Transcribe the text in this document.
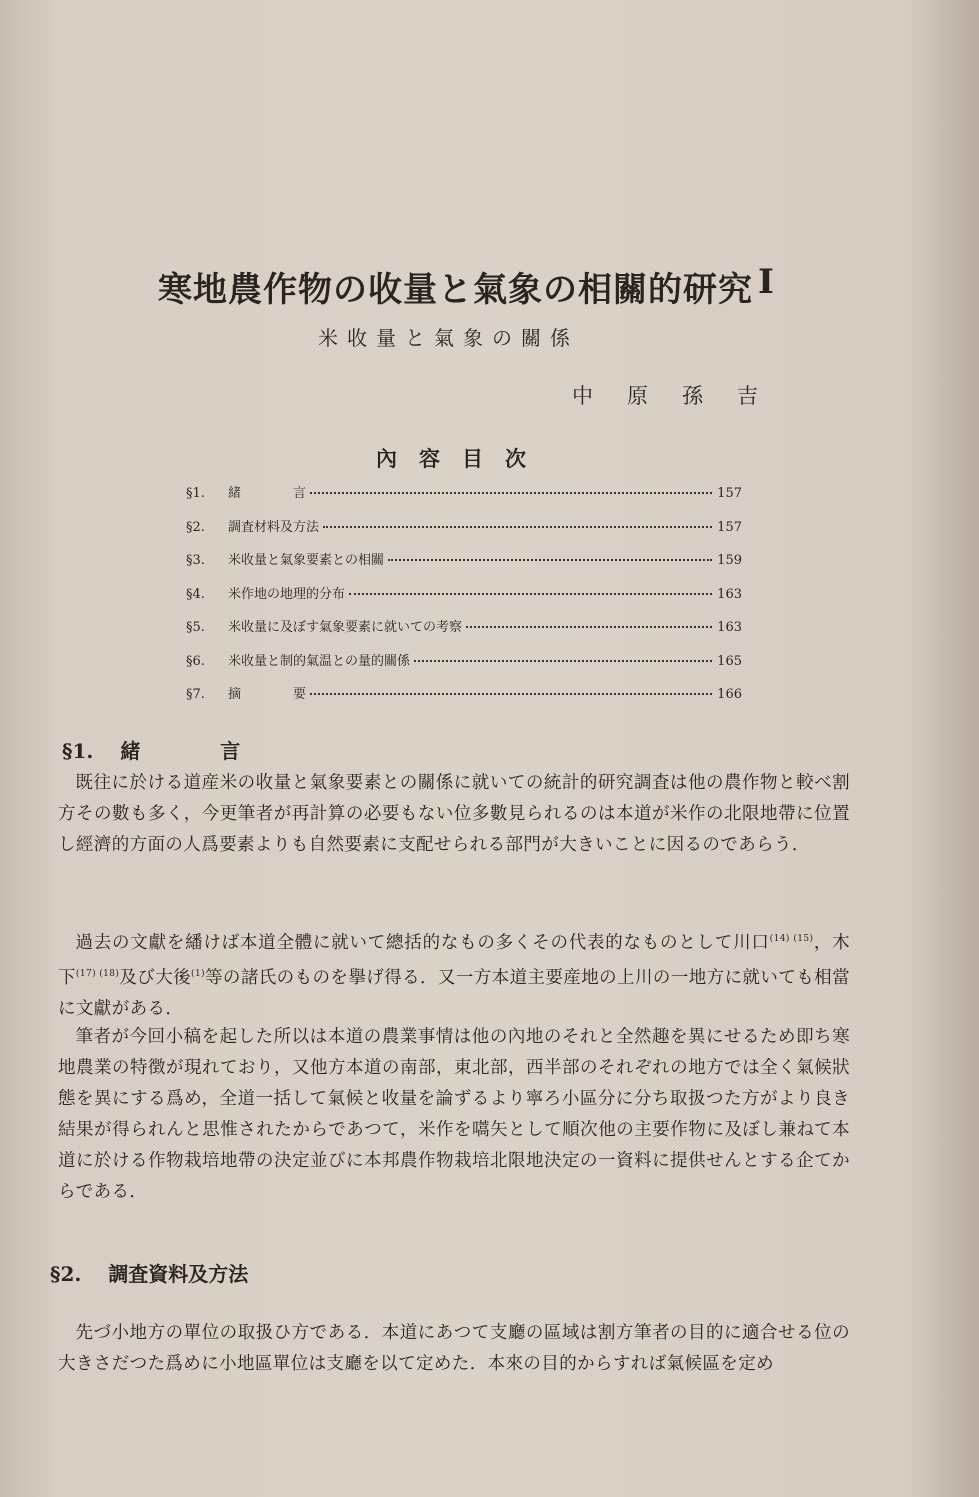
寒地農作物の收量と氣象の相關的研究 I
米收量と氣象の關係
中原孫吉
內容目次
§1.	緒　　　　言	157
§2.	調査材料及方法	157
§3.	米收量と氣象要素との相關	159
§4.	米作地の地理的分布	163
§5.	米收量に及ぼす氣象要素に就いての考察	163
§6.	米收量と制的氣温との量的關係	165
§7.	摘　　　　要	166
§1. 緒　　　　言

既往に於ける道産米の收量と氣象要素との關係に就いての統計的研究調査は他の農作物と較べ割方その數も多く，今更筆者が再計算の必要もない位多數見られるのは本道が米作の北限地帶に位置し經濟的方面の人爲要素よりも自然要素に支配せられる部門が大きいことに因るのであらう．

過去の文獻を繙けば本道全體に就いて總括的なもの多くその代表的なものとして川口$^{(14) (15)}$，木下$^{(17) (18)}$及び大後$^{(1)}$等の諸氏のものを擧げ得る．又一方本道主要産地の上川の一地方に就いても相當に文獻がある．

筆者が今回小稿を起した所以は本道の農業事情は他の內地のそれと全然趣を異にせるため即ち寒地農業の特徴が現れており，又他方本道の南部，東北部，西半部のそれぞれの地方では全く氣候狀態を異にする爲め，全道一括して氣候と收量を論ずるより寧ろ小區分に分ち取扱つた方がより良き結果が得られんと思惟されたからであつて，米作を嚆矢として順次他の主要作物に及ぼし兼ねて本道に於ける作物栽培地帶の決定並びに本邦農作物栽培北限地決定の一資料に提供せんとする企てからである．

§2. 調査資料及方法

先づ小地方の單位の取扱ひ方である．本道にあつて支廳の區域は割方筆者の目的に適合せる位の大きさだつた爲めに小地區單位は支廳を以て定めた．本來の目的からすれば氣候區を定め
